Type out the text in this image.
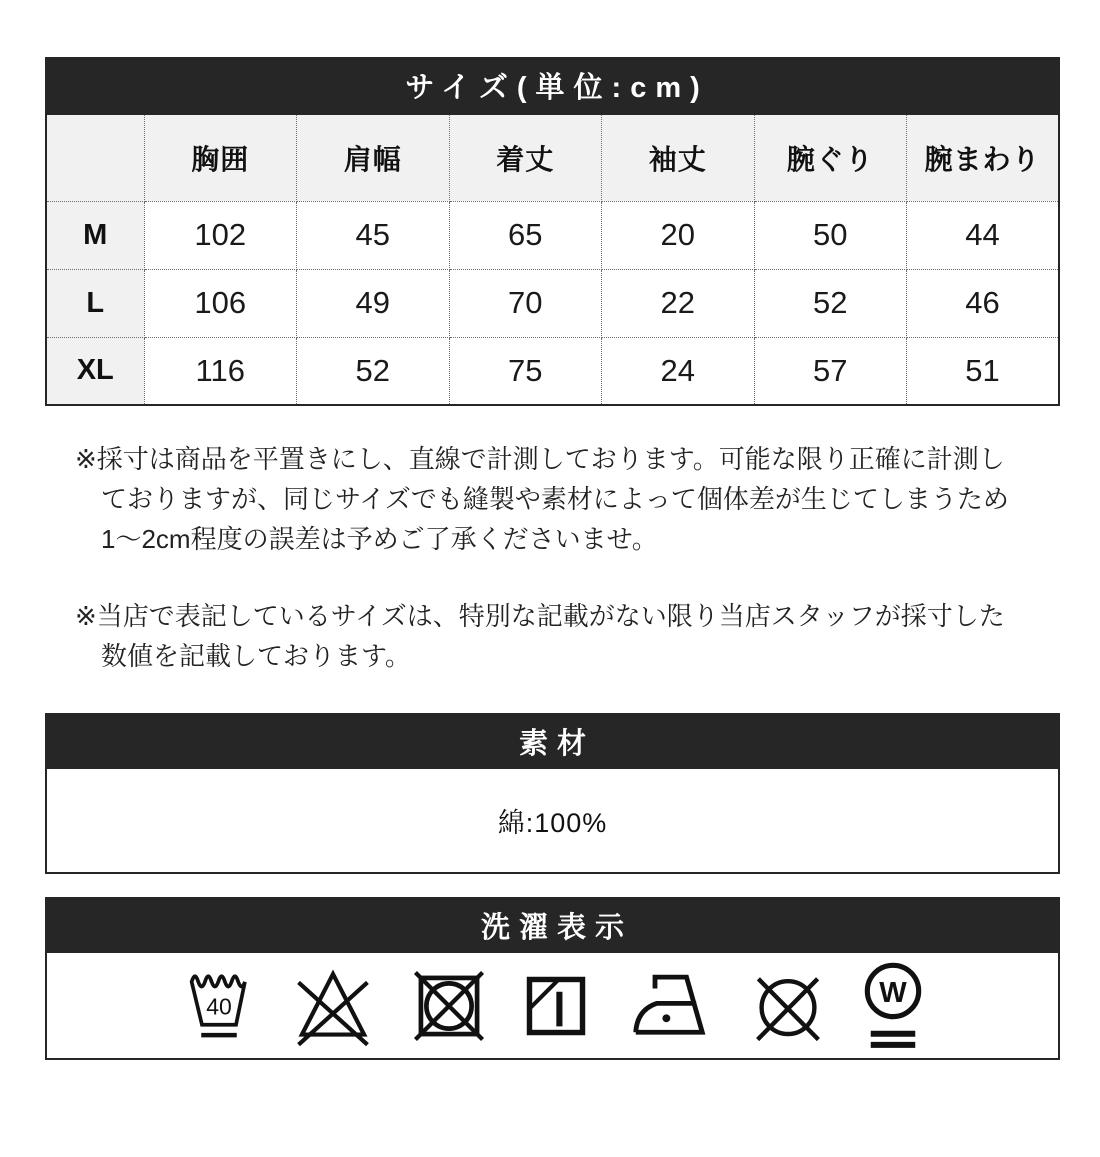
サイズ(単位:cm)
	胸囲	肩幅	着丈	袖丈	腕ぐり	腕まわり
M	102	45	65	20	50	44
L	106	49	70	22	52	46
XL	116	52	75	24	57	51
※採寸は商品を平置きにし、直線で計測しております。可能な限り正確に計測し
ておりますが、同じサイズでも縫製や素材によって個体差が生じてしまうため
1〜2cm程度の誤差は予めご了承くださいませ。
※当店で表記しているサイズは、特別な記載がない限り当店スタッフが採寸した
数値を記載しております。
素材
綿:100%
洗濯表示
40	W
